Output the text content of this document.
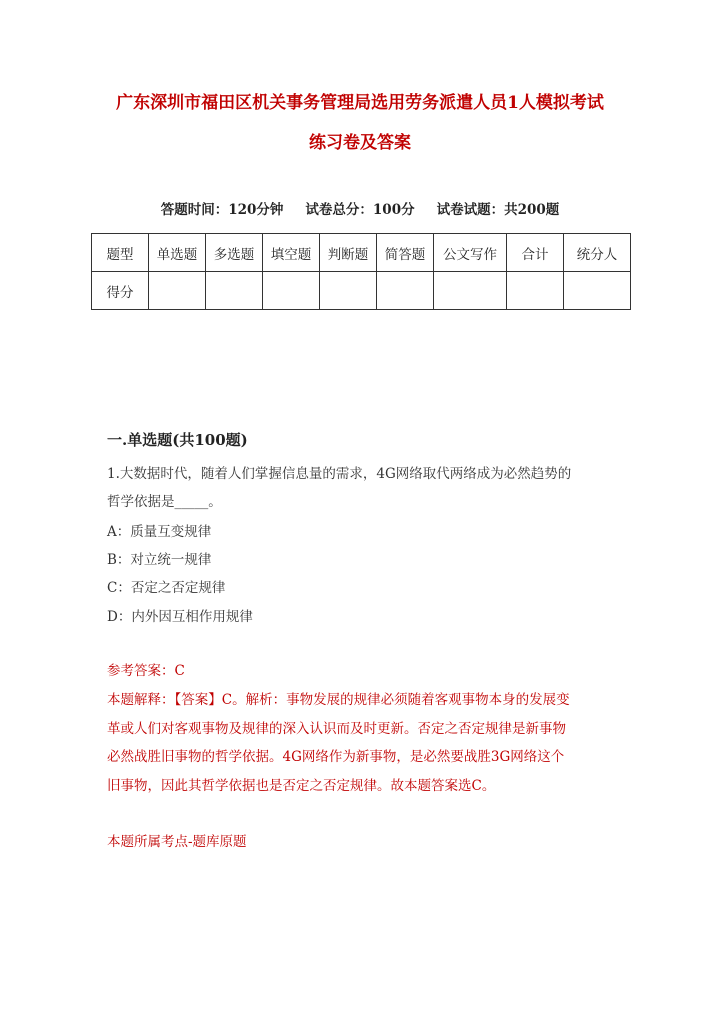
广东深圳市福田区机关事务管理局选用劳务派遣人员1人模拟考试
练习卷及答案
答题时间：120分钟 试卷总分：100分 试卷试题：共200题
题型	单选题	多选题	填空题	判断题	简答题	公文写作	合计	统分人
得分								
一.单选题(共100题)
1.大数据时代，随着人们掌握信息量的需求，4G网络取代两络成为必然趋势的
哲学依据是_____。
A：质量互变规律
B：对立统一规律
C：否定之否定规律
D：内外因互相作用规律
参考答案：C
本题解释：【答案】C。解析：事物发展的规律必须随着客观事物本身的发展变
革或人们对客观事物及规律的深入认识而及时更新。否定之否定规律是新事物
必然战胜旧事物的哲学依据。4G网络作为新事物，是必然要战胜3G网络这个
旧事物，因此其哲学依据也是否定之否定规律。故本题答案选C。
本题所属考点-题库原题
